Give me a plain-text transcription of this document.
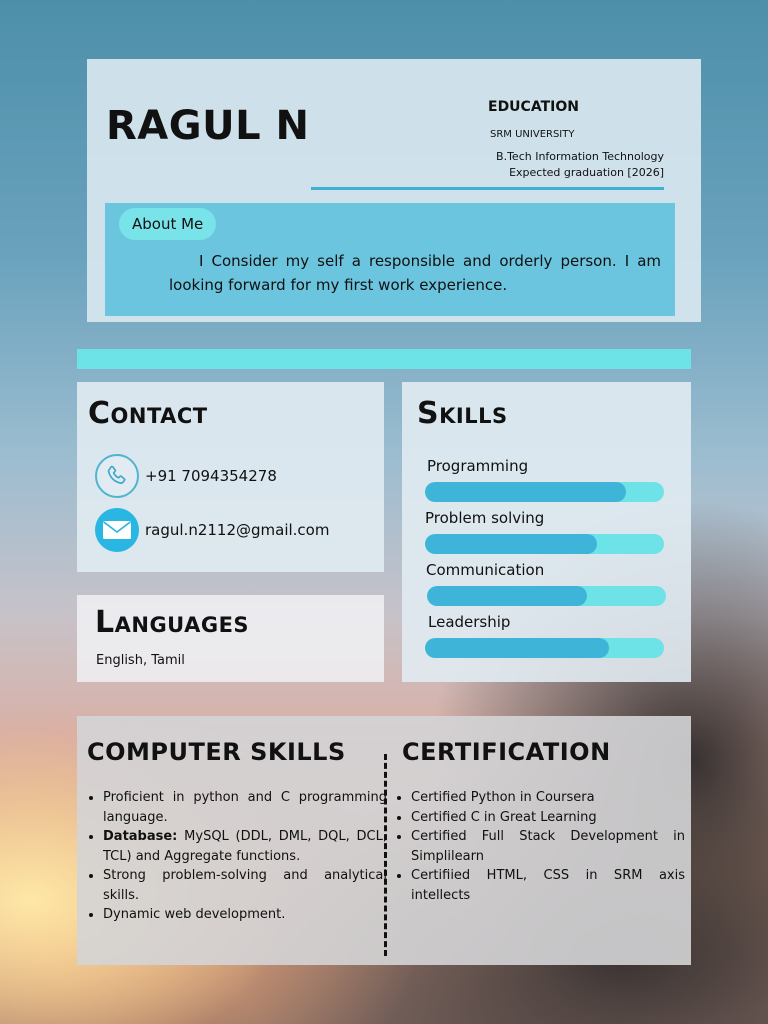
RAGUL N	EDUCATION

SRM UNIVERSITY

B.Tech Information Technology

Expected graduation [2026]

About Me

I Consider my self a responsible and orderly person. I am looking forward for my first work experience.

Contact
+91 7094354278
ragul.n2112@gmail.com
Languages

English, Tamil

Skills

Programming

Problem solving

Communication

Leadership

COMPUTER SKILLS CERTIFICATION
• Proficient in python and C programming language.
• Database: MySQL (DDL, DML, DQL, DCL, TCL) and Aggregate functions.
• Strong problem-solving and analytical skills.
• Dynamic web development.
• Certified Python in Coursera
• Certified C in Great Learning
• Certified Full Stack Development in Simplilearn
• Certifiied HTML, CSS in SRM axis intellects
